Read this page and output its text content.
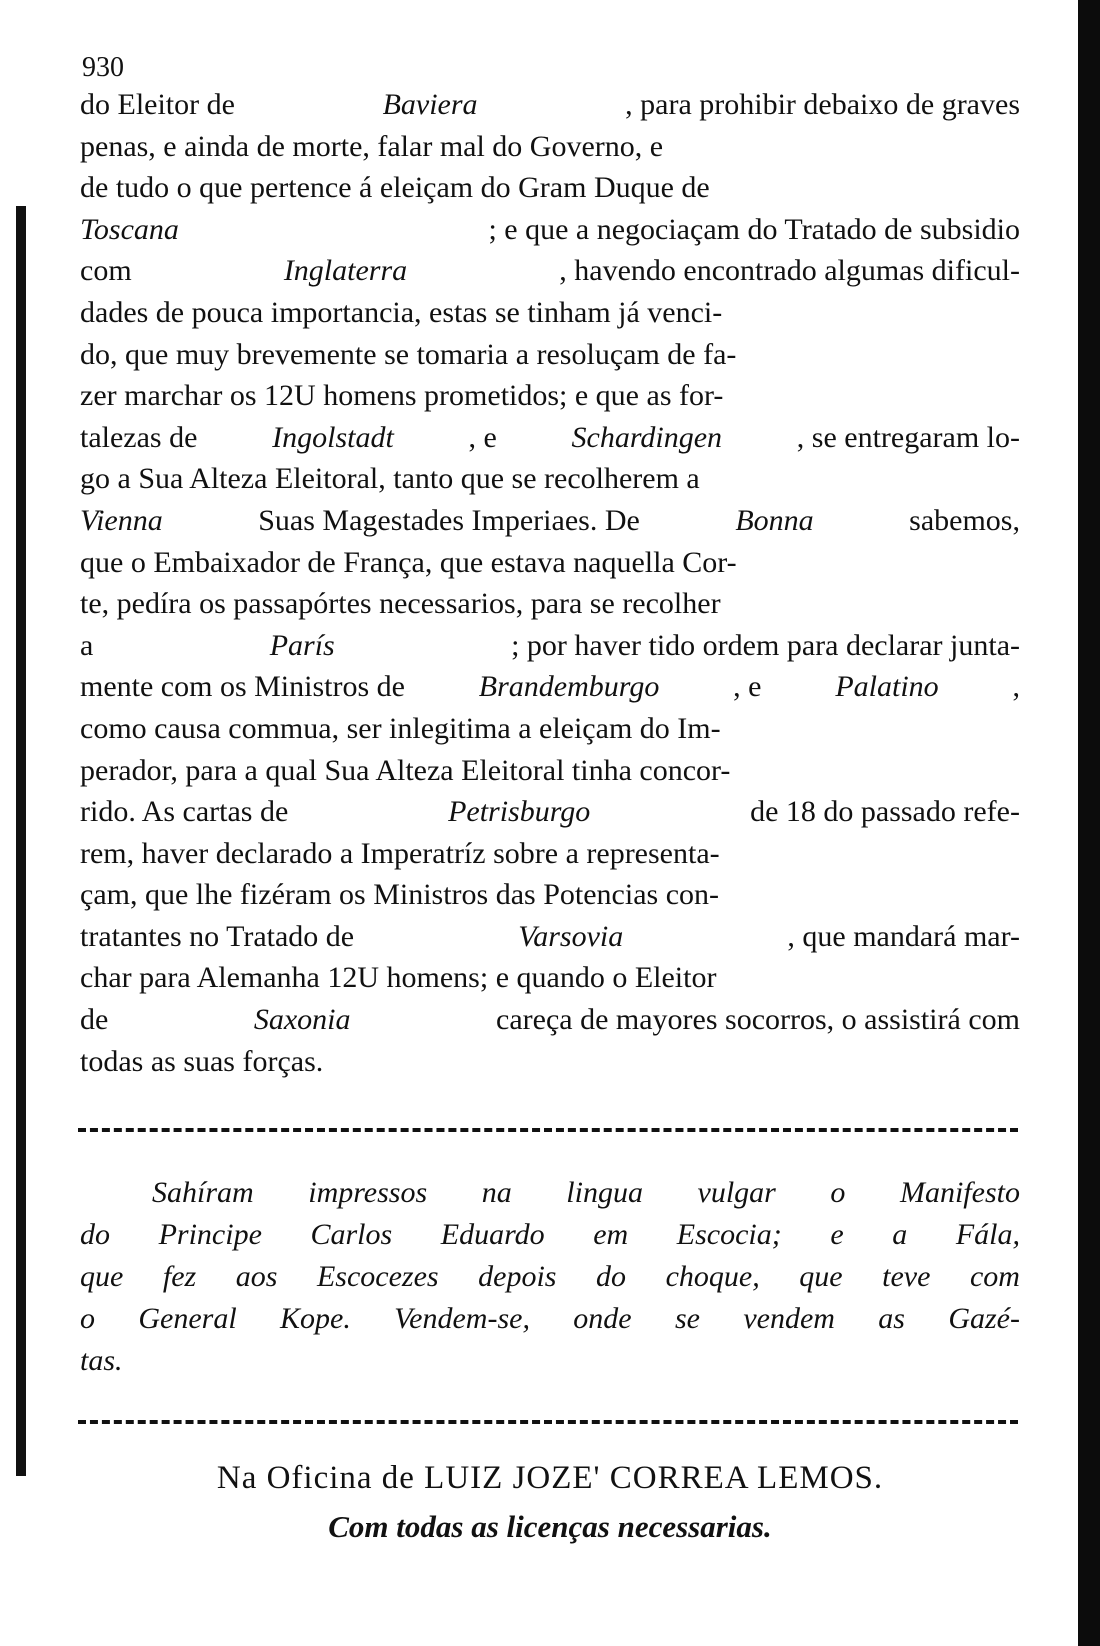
930
do Eleitor de	Baviera	, para prohibir debaixo de graves
penas, e ainda de morte, falar mal do Governo, e
de tudo o que pertence á eleiçam do Gram Duque de
Toscana	; e que a negociaçam do Tratado de subsidio
com	Inglaterra	, havendo encontrado algumas dificul-
dades de pouca importancia, estas se tinham já venci-
do, que muy brevemente se tomaria a resoluçam de fa-
zer marchar os 12U homens prometidos; e que as for-
talezas de Ingolstadt , e Schardingen , se entregaram lo-
go a Sua Alteza Eleitoral, tanto que se recolherem a
Vienna	Suas Magestades Imperiaes. De	Bonna	sabemos,
que o Embaixador de França, que estava naquella Cor-
te, pedíra os passapórtes necessarios, para se recolher
a	París	; por haver tido ordem para declarar junta-
mente com os Ministros de Brandemburgo , e Palatino ,
como causa commua, ser inlegitima a eleiçam do Im-
perador, para a qual Sua Alteza Eleitoral tinha concor-
rido. As cartas de	Petrisburgo	de 18 do passado refe-
rem, haver declarado a Imperatríz sobre a representa-
çam, que lhe fizéram os Ministros das Potencias con-
tratantes no Tratado de	Varsovia	, que mandará mar-
char para Alemanha 12U homens; e quando o Eleitor
de	Saxonia	careça de mayores socorros, o assistirá com
todas as suas forças.
Sahíram impressos na lingua vulgar o Manifesto
do Principe Carlos Eduardo em Escocia; e a Fála,
que fez aos Escocezes depois do choque, que teve com
o General Kope. Vendem-se, onde se vendem as Gazé-
tas.
Na Oficina de LUIZ JOZE' CORREA LEMOS.
Com todas as licenças necessarias.
